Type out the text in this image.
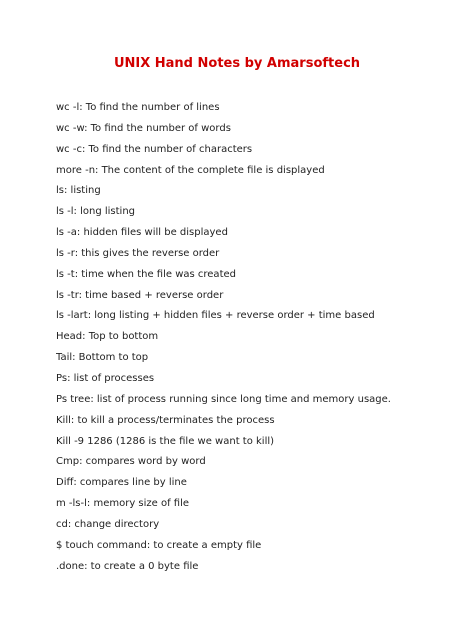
UNIX Hand Notes by Amarsoftech
wc -l: To find the number of lines
wc -w: To find the number of words
wc -c: To find the number of characters
more -n: The content of the complete file is displayed
ls: listing
ls -l: long listing
ls -a: hidden files will be displayed
ls -r: this gives the reverse order
ls -t: time when the file was created
ls -tr: time based + reverse order
ls -lart: long listing + hidden files + reverse order + time based
Head: Top to bottom
Tail: Bottom to top
Ps: list of processes
Ps tree: list of process running since long time and memory usage.
Kill: to kill a process/terminates the process
Kill -9 1286 (1286 is the file we want to kill)
Cmp: compares word by word
Diff: compares line by line
m -ls-l: memory size of file
cd: change directory
$ touch command: to create a empty file
.done: to create a 0 byte file
